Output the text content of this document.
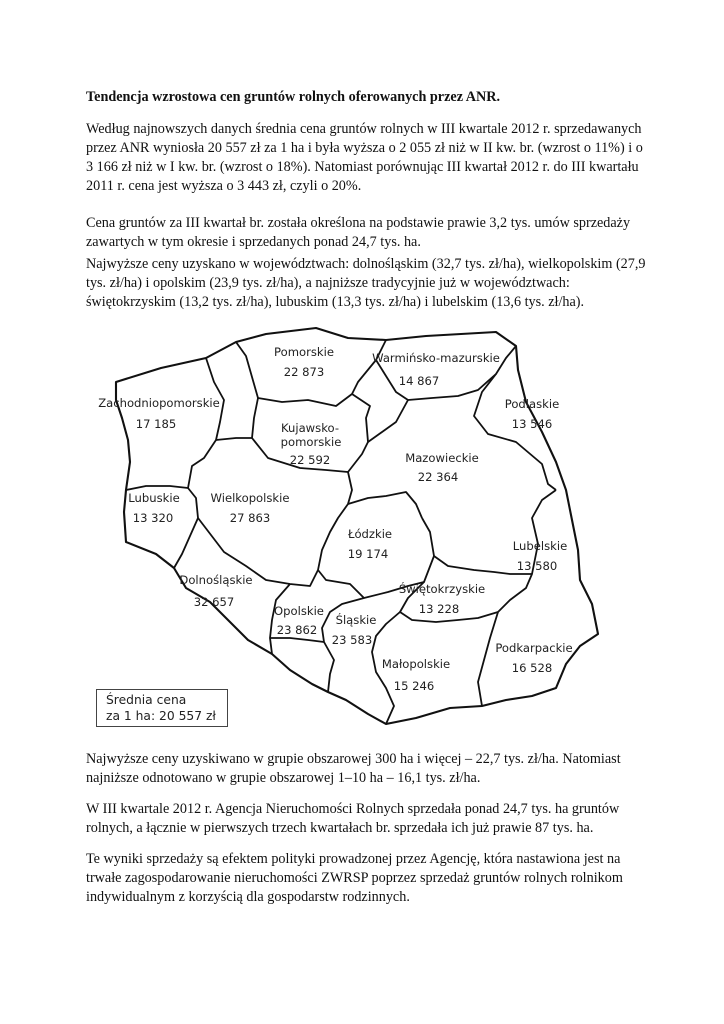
Tendencja wzrostowa cen gruntów rolnych oferowanych przez ANR.

Według najnowszych danych średnia cena gruntów rolnych w III kwartale 2012 r. sprzedawanych przez ANR wyniosła 20 557 zł za 1 ha i była wyższa o 2 055 zł niż w II kw. br. (wzrost o 11%) i o 3 166 zł niż w I kw. br. (wzrost o 18%). Natomiast porównując III kwartał 2012 r. do III kwartału 2011 r. cena jest wyższa o 3 443 zł, czyli o 20%.

Cena gruntów za III kwartał br. została określona na podstawie prawie 3,2 tys. umów sprzedaży zawartych w tym okresie i sprzedanych ponad 24,7 tys. ha.

Najwyższe ceny uzyskano w województwach: dolnośląskim (32,7 tys. zł/ha), wielkopolskim (27,9 tys. zł/ha) i opolskim (23,9 tys. zł/ha), a najniższe tradycyjnie już w województwach: świętokrzyskim (13,2 tys. zł/ha), lubuskim (13,3 tys. zł/ha) i lubelskim (13,6 tys. zł/ha).

Pomorskie
22 873
Warmińsko-mazurskie
14 867
Zachodniopomorskie
17 185	Kujawsko-
pomorskie
22 592
Podlaskie
13 546
Mazowieckie
22 364
Lubuskie
13 320
Wielkopolskie
27 863
Łódzkie
19 174
Lubelskie
13 580
Dolnośląskie
32 657
Świętokrzyskie
13 228
Opolskie
23 862
Śląskie
23 583
Podkarpackie
16 528
Małopolskie
15 246
Średnia cena
za 1 ha: 20 557 zł

Najwyższe ceny uzyskiwano w grupie obszarowej 300 ha i więcej – 22,7 tys. zł/ha. Natomiast najniższe odnotowano w grupie obszarowej 1–10 ha – 16,1 tys. zł/ha.

W III kwartale 2012 r. Agencja Nieruchomości Rolnych sprzedała ponad 24,7 tys. ha gruntów rolnych, a łącznie w pierwszych trzech kwartałach br. sprzedała ich już prawie 87 tys. ha.

Te wyniki sprzedaży są efektem polityki prowadzonej przez Agencję, która nastawiona jest na trwałe zagospodarowanie nieruchomości ZWRSP poprzez sprzedaż gruntów rolnych rolnikom indywidualnym z korzyścią dla gospodarstw rodzinnych.
